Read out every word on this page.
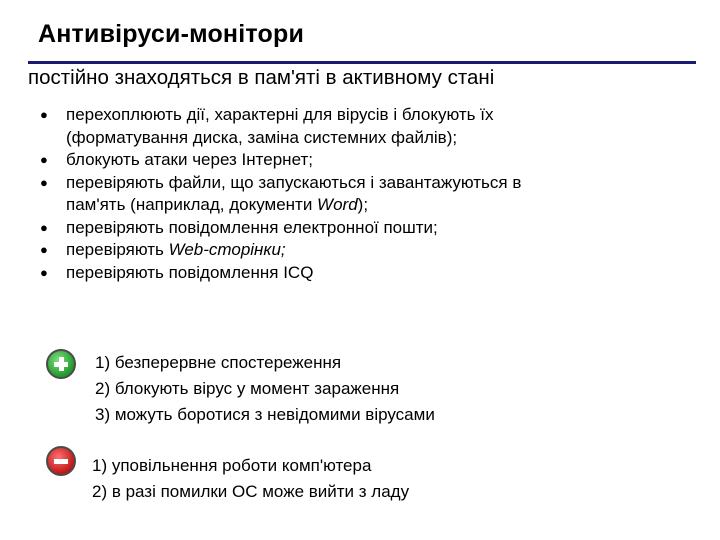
Антивіруси-монітори
постійно знаходяться в пам'яті в активному стані
●	перехоплюють дії, характерні для вірусів і блокують їх
(форматування диска, заміна системних файлів);
●	блокують атаки через Інтернет;
●	перевіряють файли, що запускаються і завантажуються в
пам'ять (наприклад, документи Word);
●	перевіряють повідомлення електронної пошти;
●	перевіряють Web-сторінки;
●	перевіряють повідомлення ICQ
1) безперервне спостереження
2) блокують вірус у момент зараження
3) можуть боротися з невідомими вірусами
1) уповільнення роботи комп'ютера
2) в разі помилки ОС може вийти з ладу
